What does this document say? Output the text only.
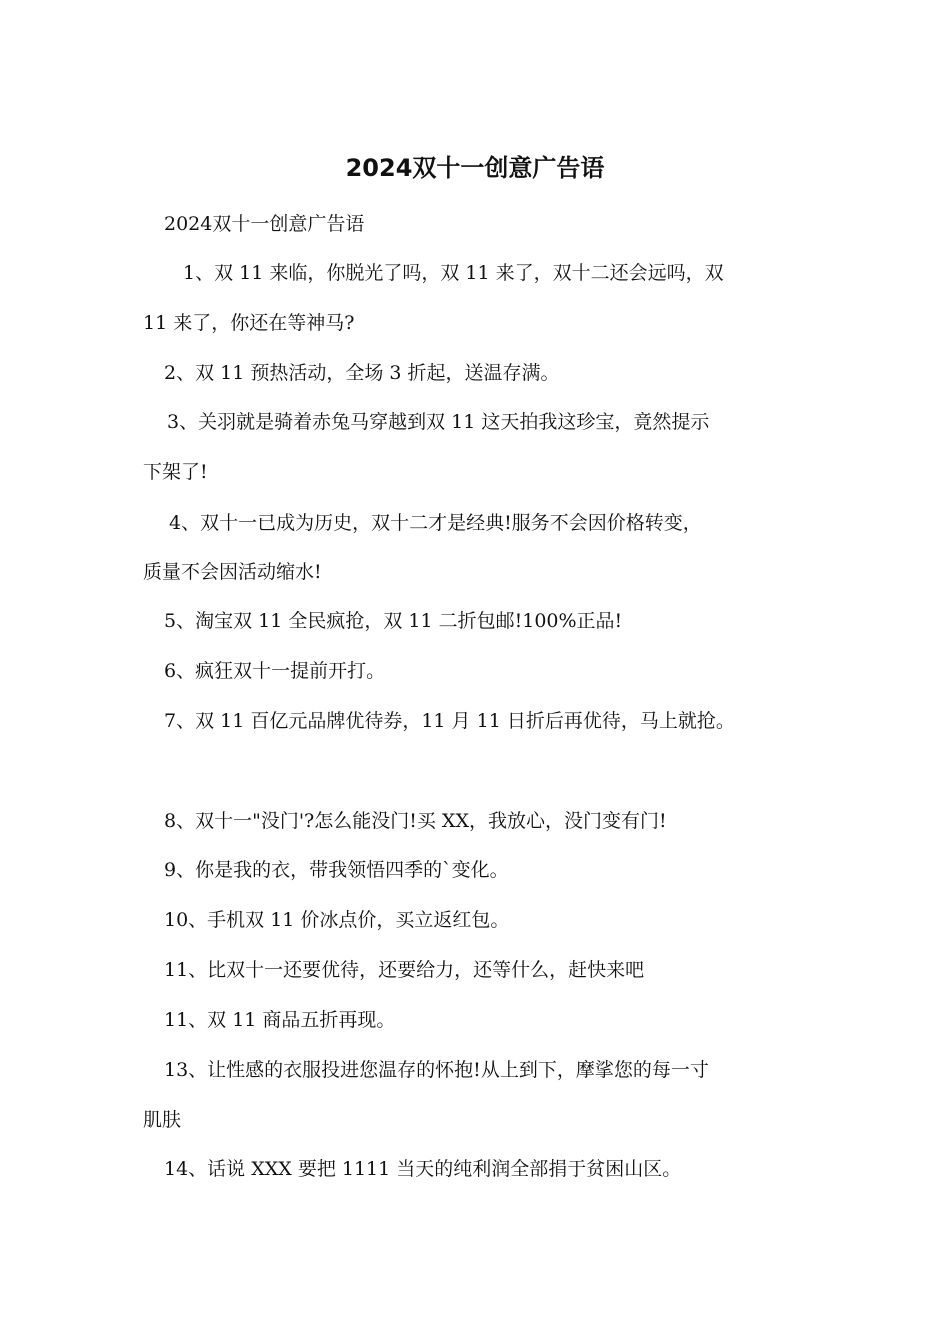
2024双十一创意广告语

2024双十一创意广告语

1、双 11 来临，你脱光了吗，双 11 来了，双十二还会远吗，双

11 来了，你还在等神马?

2、双 11 预热活动，全场 3 折起，送温存满。

3、关羽就是骑着赤兔马穿越到双 11 这天拍我这珍宝，竟然提示

下架了!

4、双十一已成为历史，双十二才是经典!服务不会因价格转变，

质量不会因活动缩水!

5、淘宝双 11 全民疯抢，双 11 二折包邮!100%正品!

6、疯狂双十一提前开打。

7、双 11 百亿元品牌优待券，11 月 11 日折后再优待，马上就抢。

8、双十一"没门'?怎么能没门!买 XX，我放心，没门变有门!

9、你是我的衣，带我领悟四季的`变化。

10、手机双 11 价冰点价，买立返红包。

11、比双十一还要优待，还要给力，还等什么，赶快来吧

11、双 11 商品五折再现。

13、让性感的衣服投进您温存的怀抱!从上到下，摩挲您的每一寸

肌肤

14、话说 XXX 要把 1111 当天的纯利润全部捐于贫困山区。
